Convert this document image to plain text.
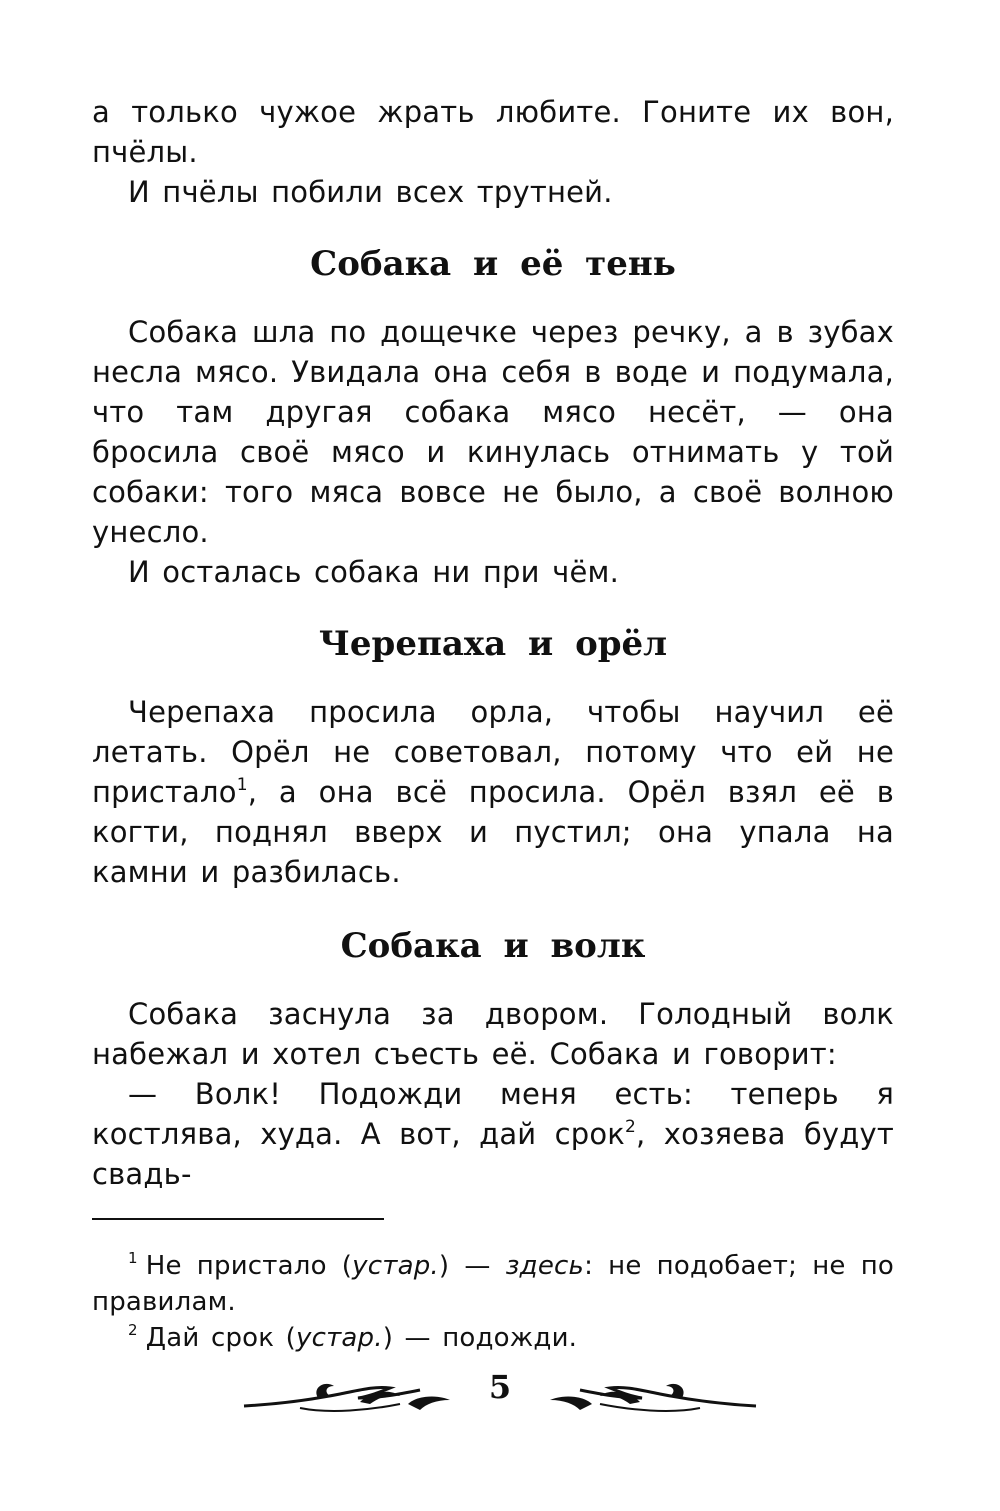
а только чужое жрать любите. Гоните их вон, пчёлы.

И пчёлы побили всех трутней.

Собака и её тень

Собака шла по дощечке через речку, а в зубах несла мясо. Увидала она себя в воде и подумала, что там другая собака мясо несёт, — она бросила своё мясо и кинулась отнимать у той собаки: того мяса вовсе не было, а своё волною унесло.

И осталась собака ни при чём.

Черепаха и орёл

Черепаха просила орла, чтобы научил её летать. Орёл не советовал, потому что ей не пристало$^1$, а она всё просила. Орёл взял её в когти, поднял вверх и пустил; она упала на камни и разбилась.

Собака и волк

Собака заснула за двором. Голодный волк набежал и хотел съесть её. Собака и говорит:

— Волк! Подожди меня есть: теперь я костлява, худа. А вот, дай срок$^2$, хозяева будут свадь-

$^1$ Не пристало (устар.) — здесь: не подобает; не по правилам.

$^2$ Дай срок (устар.) — подожди.

5
